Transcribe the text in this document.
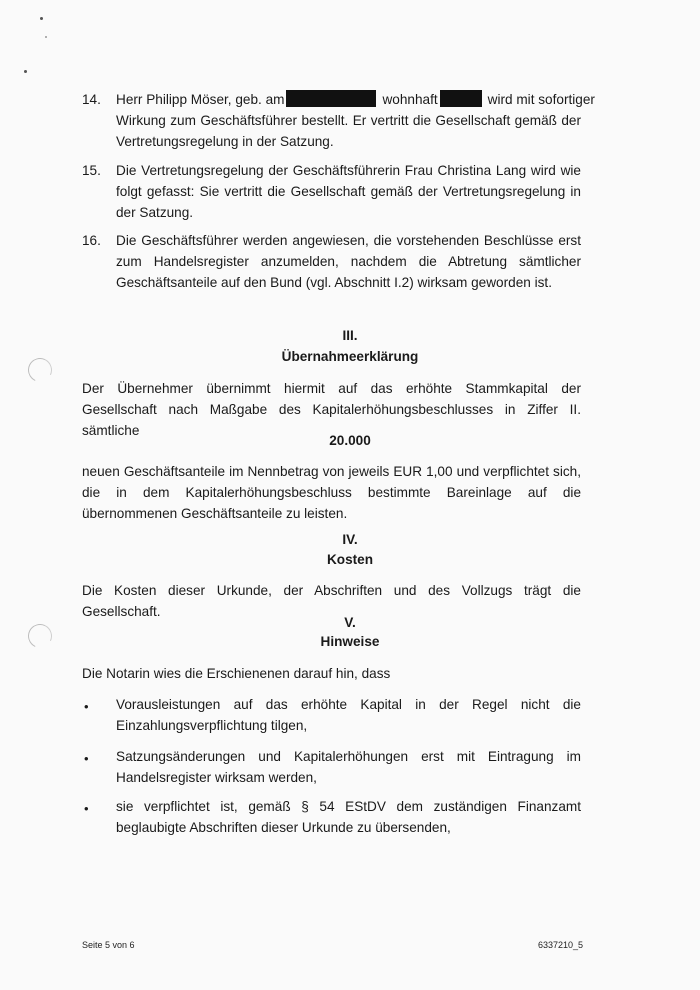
14. Herr Philipp Möser, geb. am	wohnhaft	wird mit sofortiger
Wirkung zum Geschäftsführer bestellt. Er vertritt die Gesellschaft gemäß der Vertretungsregelung in der Satzung.
15. Die Vertretungsregelung der Geschäftsführerin Frau Christina Lang wird wie folgt gefasst: Sie vertritt die Gesellschaft gemäß der Vertretungsregelung in der Satzung.
16. Die Geschäftsführer werden angewiesen, die vorstehenden Beschlüsse erst zum Handelsregister anzumelden, nachdem die Abtretung sämtlicher Geschäftsanteile auf den Bund (vgl. Abschnitt I.2) wirksam geworden ist.
III.
Übernahmeerklärung
Der Übernehmer übernimmt hiermit auf das erhöhte Stammkapital der Gesellschaft nach Maßgabe des Kapitalerhöhungsbeschlusses in Ziffer II. sämtliche
20.000
neuen Geschäftsanteile im Nennbetrag von jeweils EUR 1,00 und verpflichtet sich, die in dem Kapitalerhöhungsbeschluss bestimmte Bareinlage auf die übernommenen Geschäftsanteile zu leisten.
IV.
Kosten
Die Kosten dieser Urkunde, der Abschriften und des Vollzugs trägt die Gesellschaft.
V.
Hinweise
Die Notarin wies die Erschienenen darauf hin, dass
• Vorausleistungen auf das erhöhte Kapital in der Regel nicht die Einzahlungsverpflichtung tilgen,
• Satzungsänderungen und Kapitalerhöhungen erst mit Eintragung im Handelsregister wirksam werden,
• sie verpflichtet ist, gemäß § 54 EStDV dem zuständigen Finanzamt beglaubigte Abschriften dieser Urkunde zu übersenden,
Seite 5 von 6	6337210_5
